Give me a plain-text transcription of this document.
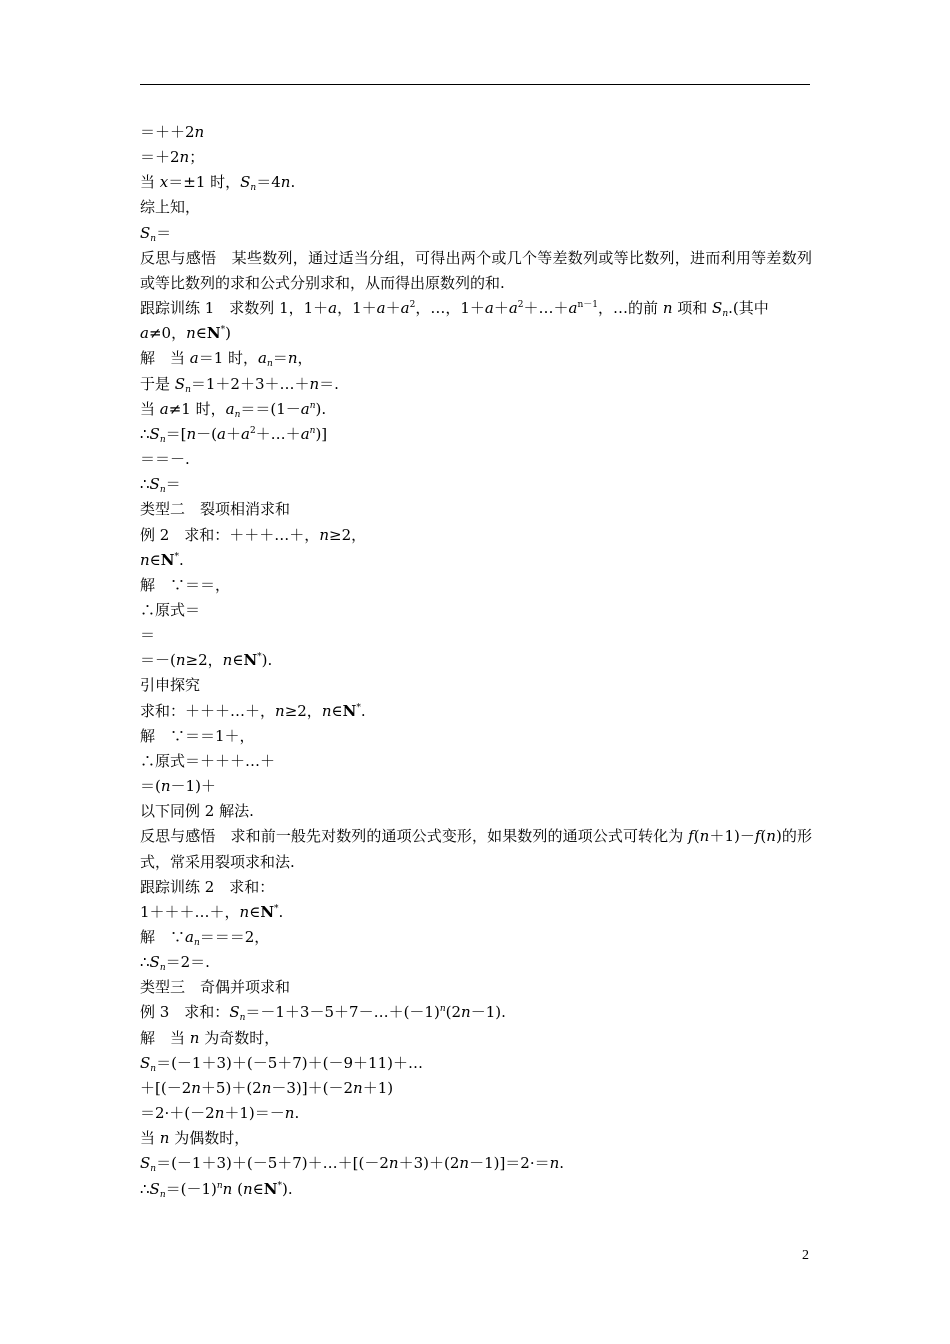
＝＋＋2n
＝＋2n；
当 x＝±1 时，$S_n=4n$.
综上知，
$S_n=$
反思与感悟　某些数列，通过适当分组，可得出两个或几个等差数列或等比数列，进而利用等差数列或等比数列的求和公式分别求和，从而得出原数列的和.
跟踪训练 1　求数列 1，1＋a，$1+a+a^2$，…，$1+a+a^2+\dots+a^{n-1}$，…的前 n 项和 $S_n$.(其中
a≠0，n∈N*)
解　当 a＝1 时，$a_n=n$，
于是 $S_n=1+2+3+\dots+n=$.
当 a≠1 时，$a_n==(1-a^n)$.
$\therefore S_n=[n-(a+a^2+\dots+a^n)]$
＝＝－.
$\therefore S_n=$
类型二　裂项相消求和
例 2　求和：＋＋＋…＋，n≥2，
n∈N*.
解　∵＝＝，
∴原式＝
＝
＝－(n≥2，n∈N*).
引申探究
求和：＋＋＋…＋，n≥2，n∈N*.
解　∵＝＝1＋，
∴原式＝＋＋＋…＋
＝(n－1)＋
以下同例 2 解法.
反思与感悟　求和前一般先对数列的通项公式变形，如果数列的通项公式可转化为 f(n＋1)－f(n)的形式，常采用裂项求和法.
跟踪训练 2　求和：
1＋＋＋…＋，n∈N*.
解　$\because a_n===2$，
$\therefore S_n=2=$.
类型三　奇偶并项求和
例 3　求和：$S_n=-1+3-5+7-\dots+(-1)^n(2n-1)$.
解　当 n 为奇数时，
$S_n=(-1+3)+(-5+7)+(-9+11)+\dots$
＋[(－2n＋5)＋(2n－3)]＋(－2n＋1)
＝2·＋(－2n＋1)＝－n.
当 n 为偶数时，
$S_n=(-1+3)+(-5+7)+\dots+[(-2n+3)+(2n-1)]=2\cdot=n$.
$\therefore S_n=(-1)^nn$ (n∈N*).
2
